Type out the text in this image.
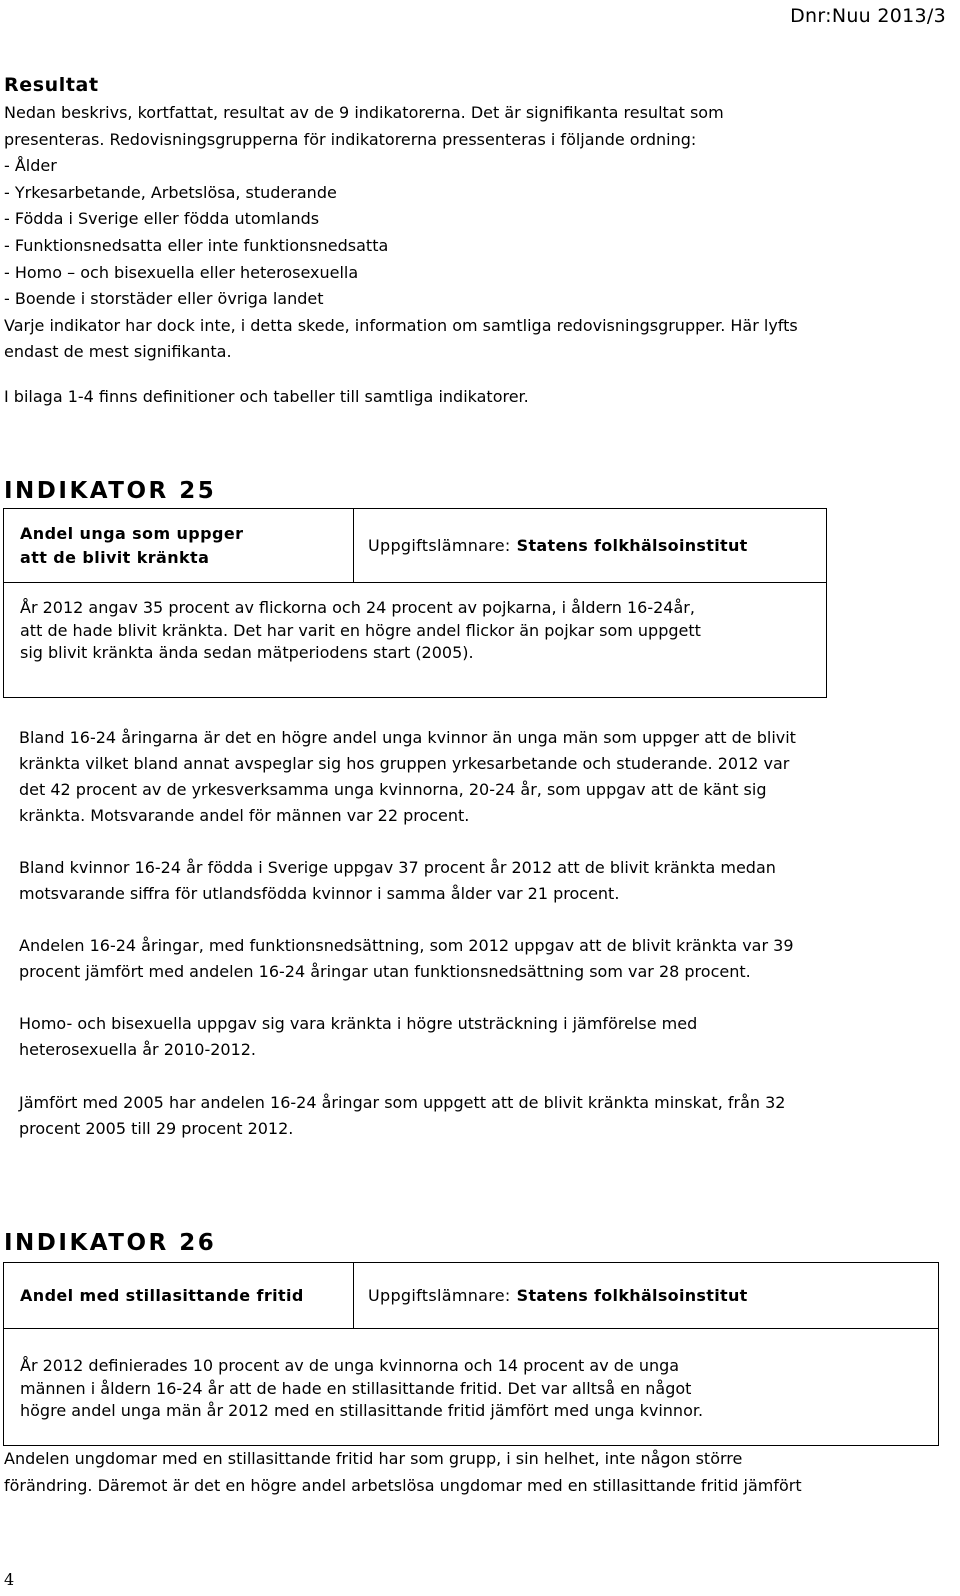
Dnr:Nuu 2013/3
Resultat

Nedan beskrivs, kortfattat, resultat av de 9 indikatorerna. Det är signifikanta resultat som

presenteras. Redovisningsgrupperna för indikatorerna pressenteras i följande ordning:

- Ålder

- Yrkesarbetande, Arbetslösa, studerande

- Födda i Sverige eller födda utomlands

- Funktionsnedsatta eller inte funktionsnedsatta

- Homo – och bisexuella eller heterosexuella

- Boende i storstäder eller övriga landet

Varje indikator har dock inte, i detta skede, information om samtliga redovisningsgrupper. Här lyfts

endast de mest signifikanta.

I bilaga 1-4 finns definitioner och tabeller till samtliga indikatorer.

INDIKATOR 25
Andel unga som uppger
att de blivit kränkta
Uppgiftslämnare: Statens folkhälsoinstitut

År 2012 angav 35 procent av flickorna och 24 procent av pojkarna, i åldern 16-24år,

att de hade blivit kränkta. Det har varit en högre andel flickor än pojkar som uppgett

sig blivit kränkta ända sedan mätperiodens start (2005).

Bland 16-24 åringarna är det en högre andel unga kvinnor än unga män som uppger att de blivit

kränkta vilket bland annat avspeglar sig hos gruppen yrkesarbetande och studerande. 2012 var

det 42 procent av de yrkesverksamma unga kvinnorna, 20-24 år, som uppgav att de känt sig

kränkta. Motsvarande andel för männen var 22 procent.

Bland kvinnor 16-24 år födda i Sverige uppgav 37 procent år 2012 att de blivit kränkta medan

motsvarande siffra för utlandsfödda kvinnor i samma ålder var 21 procent.

Andelen 16-24 åringar, med funktionsnedsättning, som 2012 uppgav att de blivit kränkta var 39

procent jämfört med andelen 16-24 åringar utan funktionsnedsättning som var 28 procent.

Homo- och bisexuella uppgav sig vara kränkta i högre utsträckning i jämförelse med

heterosexuella år 2010-2012.

Jämfört med 2005 har andelen 16-24 åringar som uppgett att de blivit kränkta minskat, från 32

procent 2005 till 29 procent 2012.

INDIKATOR 26
Andel med stillasittande fritid	Uppgiftslämnare: Statens folkhälsoinstitut

År 2012 definierades 10 procent av de unga kvinnorna och 14 procent av de unga

männen i åldern 16-24 år att de hade en stillasittande fritid. Det var alltså en något

högre andel unga män år 2012 med en stillasittande fritid jämfört med unga kvinnor.

Andelen ungdomar med en stillasittande fritid har som grupp, i sin helhet, inte någon större

förändring. Däremot är det en högre andel arbetslösa ungdomar med en stillasittande fritid jämfört

4
